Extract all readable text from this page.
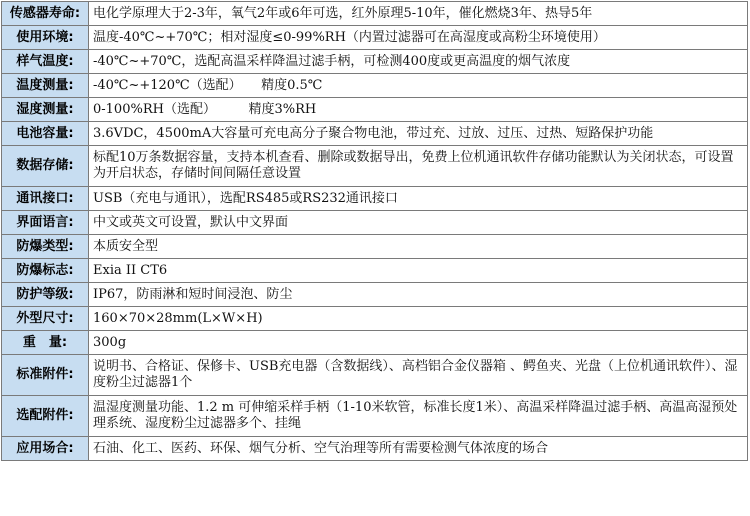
传感器寿命:	电化学原理大于2-3年，氧气2年或6年可选，红外原理5-10年，催化燃烧3年、热导5年
使用环境:	温度-40℃~+70℃；相对湿度≤0-99%RH（内置过滤器可在高湿度或高粉尘环境使用）
样气温度:	-40℃~+70℃，选配高温采样降温过滤手柄，可检测400度或更高温度的烟气浓度
温度测量:	-40℃~+120℃（选配）　　精度0.5℃
湿度测量:	0-100%RH（选配）　　　精度3%RH
电池容量:	3.6VDC，4500mA大容量可充电高分子聚合物电池，带过充、过放、过压、过热、短路保护功能
数据存储:	标配10万条数据容量，支持本机查看、删除或数据导出，免费上位机通讯软件存储功能默认为关闭状态，可设置为开启状态，存储时间间隔任意设置
通讯接口:	USB（充电与通讯），选配RS485或RS232通讯接口
界面语言:	中文或英文可设置，默认中文界面
防爆类型:	本质安全型
防爆标志:	Exia II CT6
防护等级:	IP67，防雨淋和短时间浸泡、防尘
外型尺寸:	160×70×28mm(L×W×H)
重　量:	300g
标准附件:	说明书、合格证、保修卡、USB充电器（含数据线）、高档铝合金仪器箱 、鳄鱼夹、光盘（上位机通讯软件）、湿度粉尘过滤器1个
选配附件:	温湿度测量功能、1.2 m 可伸缩采样手柄（1-10米软管，标准长度1米）、高温采样降温过滤手柄、高温高湿预处理系统、湿度粉尘过滤器多个、挂绳
应用场合:	石油、化工、医药、环保、烟气分析、空气治理等所有需要检测气体浓度的场合
